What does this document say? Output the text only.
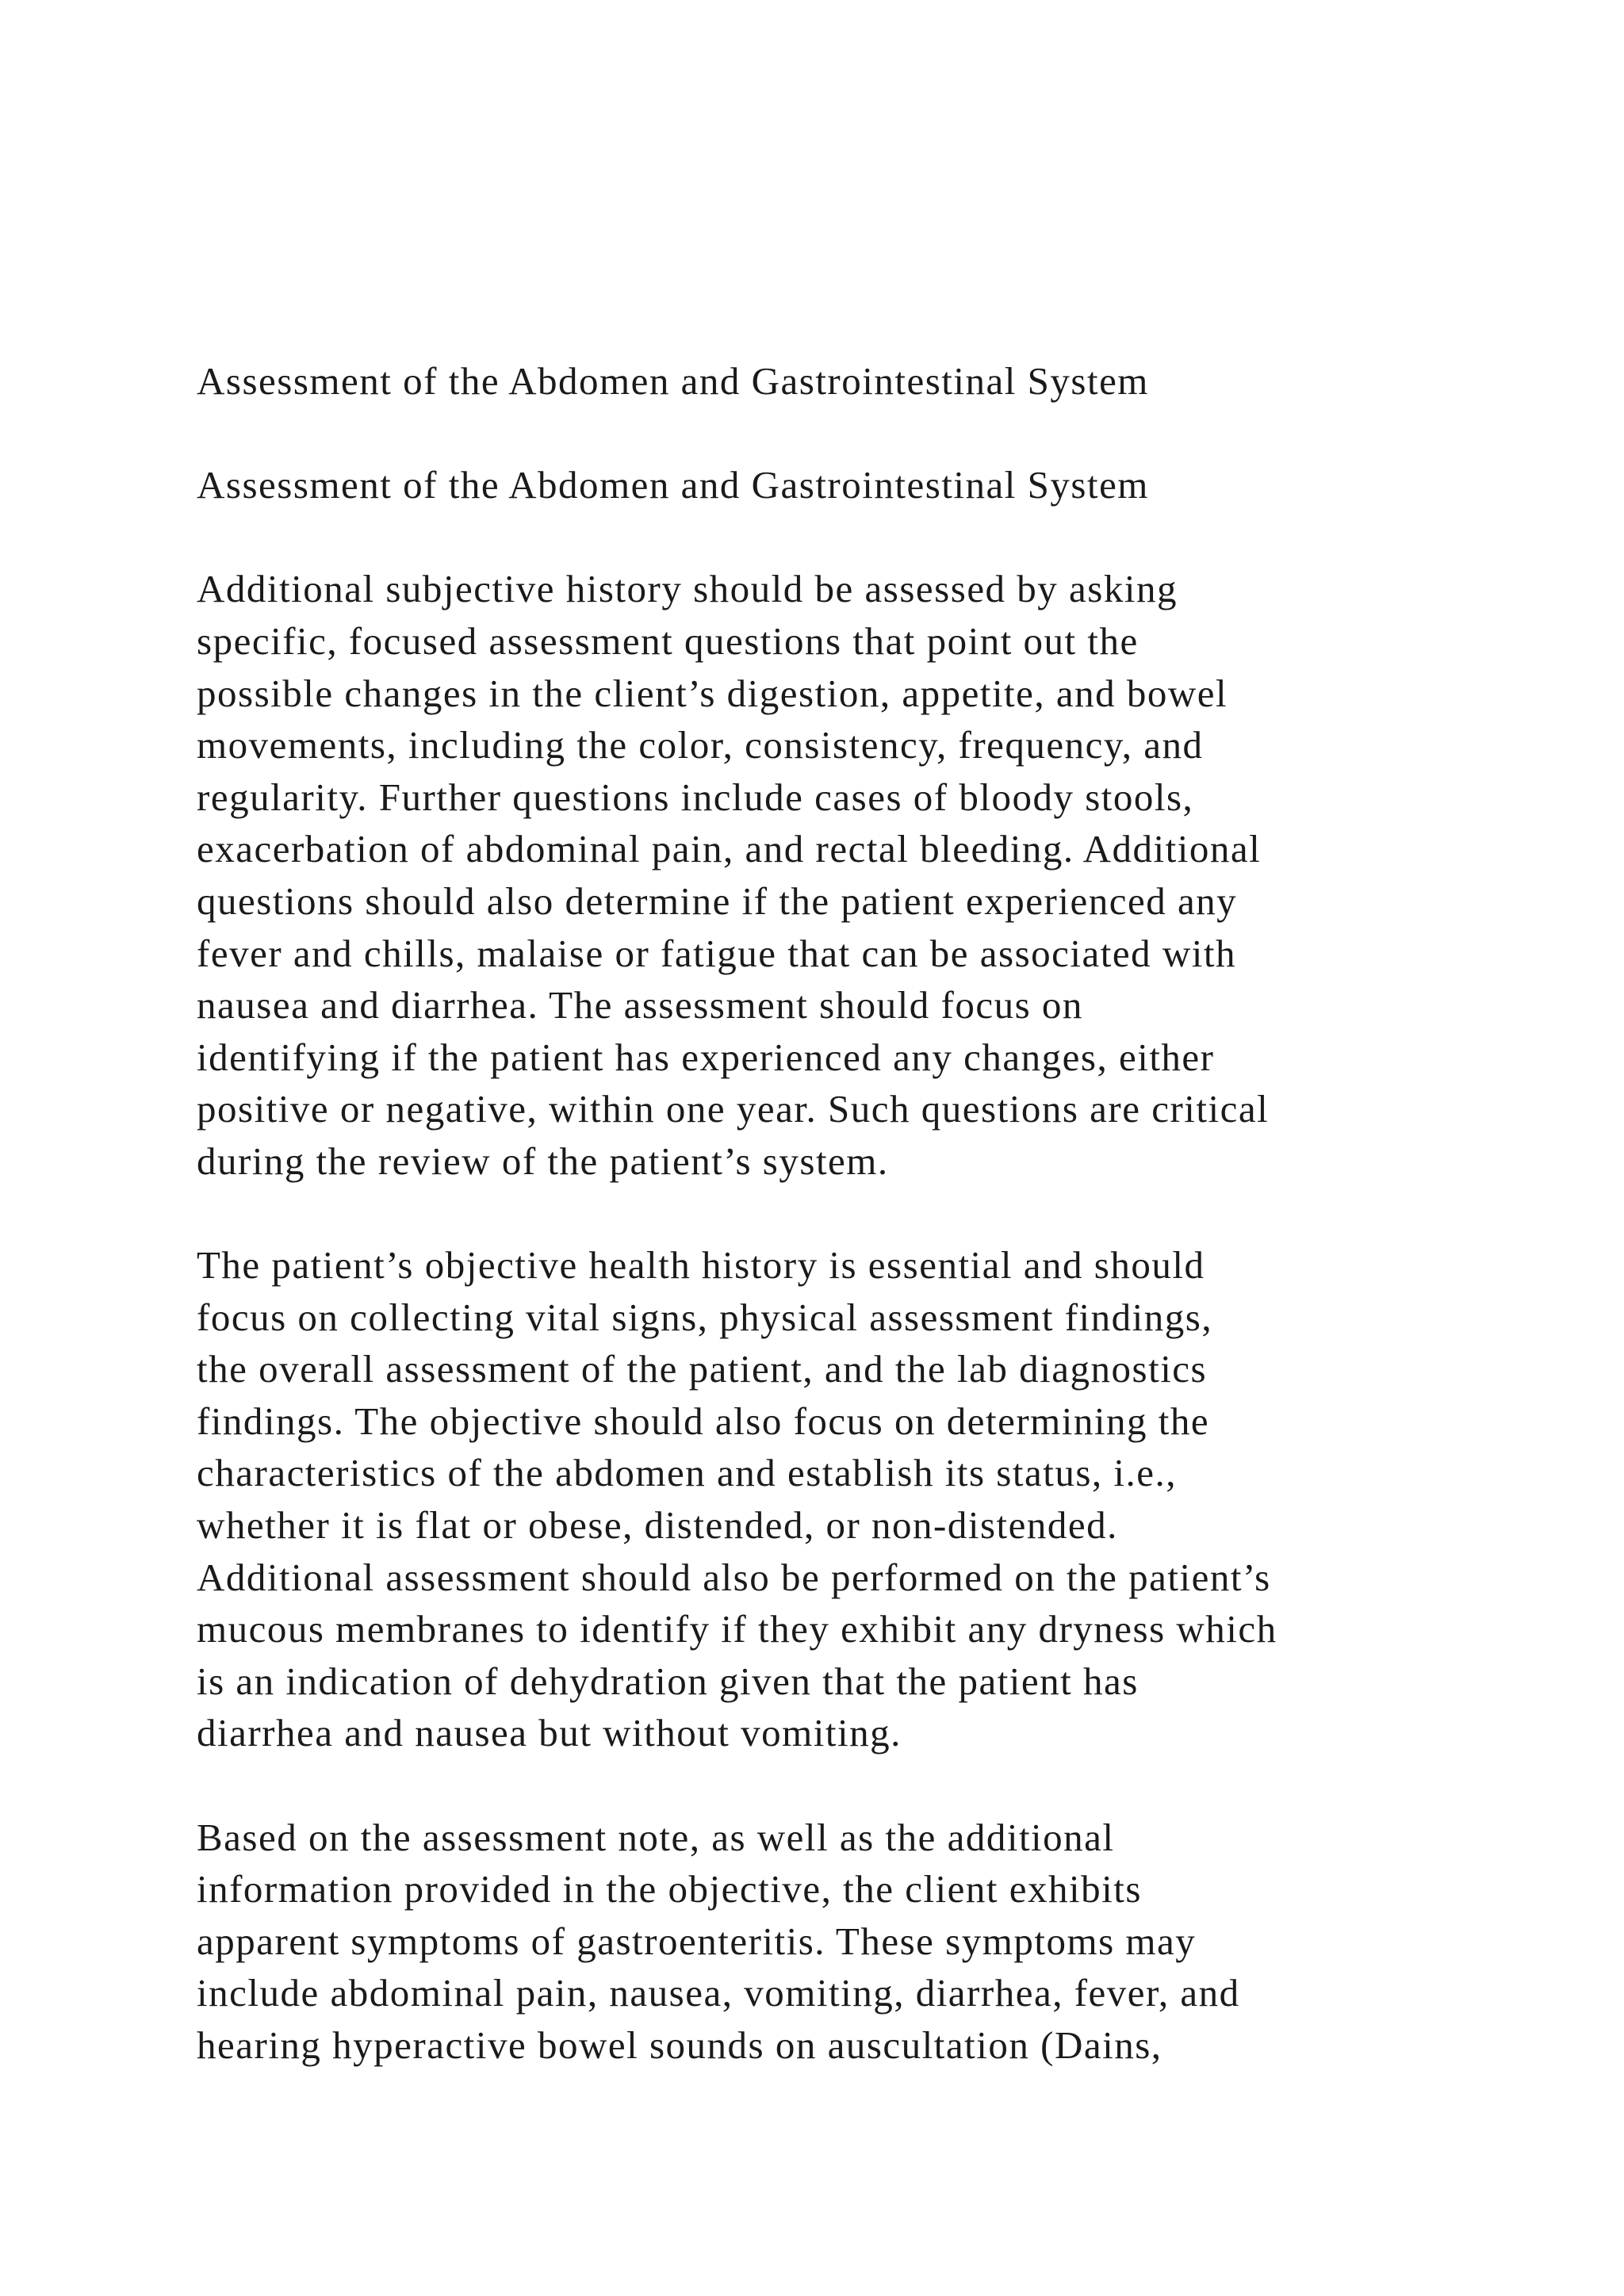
Assessment of the Abdomen and Gastrointestinal System
Assessment of the Abdomen and Gastrointestinal System
Additional subjective history should be assessed by asking
specific, focused assessment questions that point out the
possible changes in the client’s digestion, appetite, and bowel
movements, including the color, consistency, frequency, and
regularity. Further questions include cases of bloody stools,
exacerbation of abdominal pain, and rectal bleeding. Additional
questions should also determine if the patient experienced any
fever and chills, malaise or fatigue that can be associated with
nausea and diarrhea. The assessment should focus on
identifying if the patient has experienced any changes, either
positive or negative, within one year. Such questions are critical
during the review of the patient’s system.
The patient’s objective health history is essential and should
focus on collecting vital signs, physical assessment findings,
the overall assessment of the patient, and the lab diagnostics
findings. The objective should also focus on determining the
characteristics of the abdomen and establish its status, i.e.,
whether it is flat or obese, distended, or non-distended.
Additional assessment should also be performed on the patient’s
mucous membranes to identify if they exhibit any dryness which
is an indication of dehydration given that the patient has
diarrhea and nausea but without vomiting.
Based on the assessment note, as well as the additional
information provided in the objective, the client exhibits
apparent symptoms of gastroenteritis. These symptoms may
include abdominal pain, nausea, vomiting, diarrhea, fever, and
hearing hyperactive bowel sounds on auscultation (Dains,
